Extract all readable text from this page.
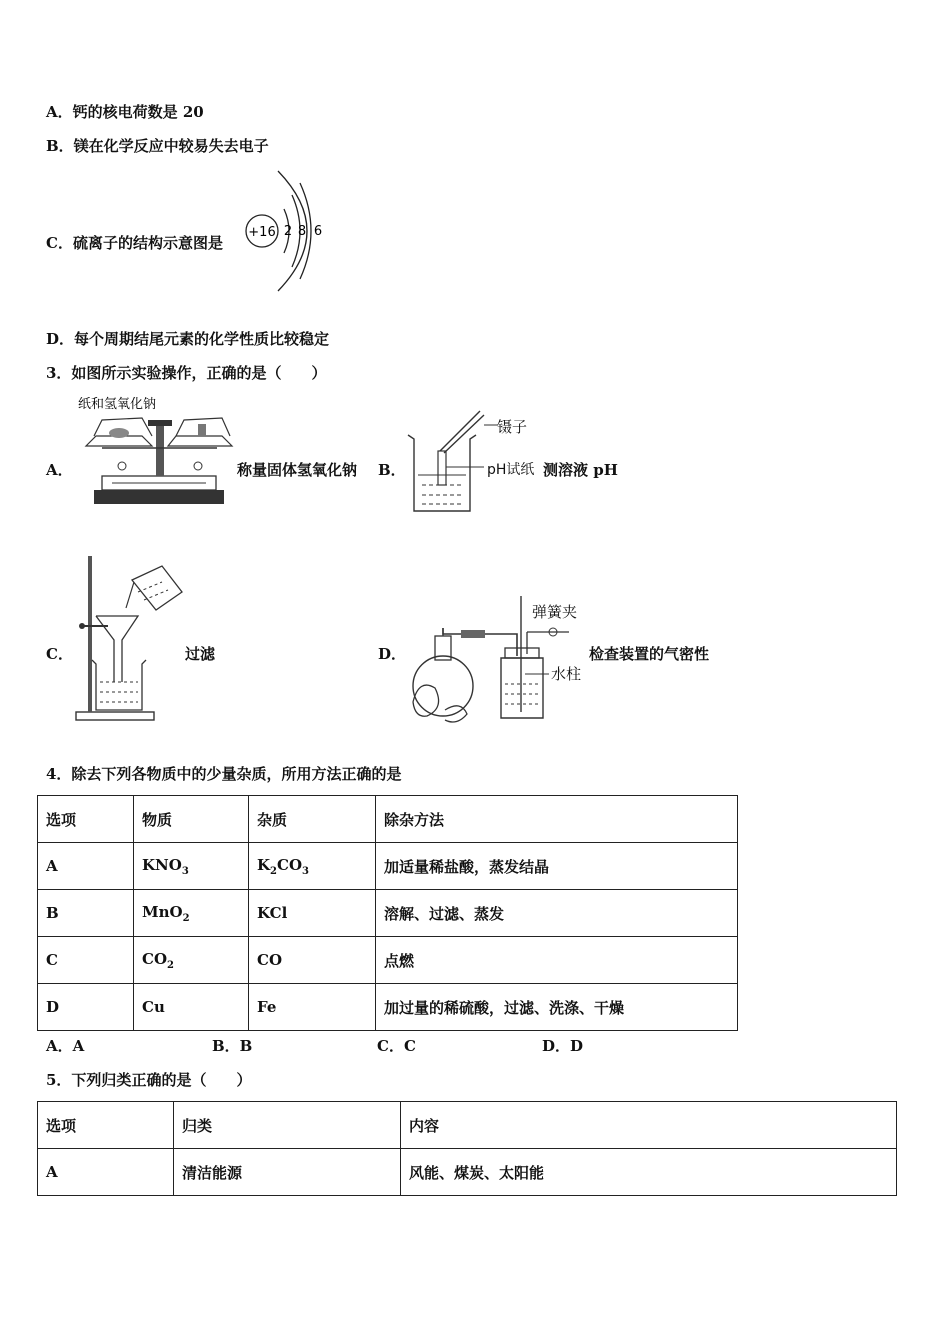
A．钙的核电荷数是 20
B．镁在化学反应中较易失去电子
C．硫离子的结构示意图是
+16 2 8 6
D．每个周期结尾元素的化学性质比较稳定
3．如图所示实验操作，正确的是（　　）
A．
纸和氢氧化钠
称量固体氢氧化钠 B．
镊子
pH试纸 测溶液 pH
C．	过滤	D．
弹簧夹
水柱
检查装置的气密性
4．除去下列各物质中的少量杂质，所用方法正确的是
选项	物质	杂质	除杂方法
A	$KNO_3$	$K_2CO_3$	加适量稀盐酸，蒸发结晶
B	MnO$_2$	KCl	溶解、过滤、蒸发
C	$CO_2$	CO	点燃
D	Cu	Fe	加过量的稀硫酸，过滤、洗涤、干燥
A．A	B．B	C．C	D．D
5．下列归类正确的是（　　）
选项	归类	内容
A	清洁能源	风能、煤炭、太阳能
